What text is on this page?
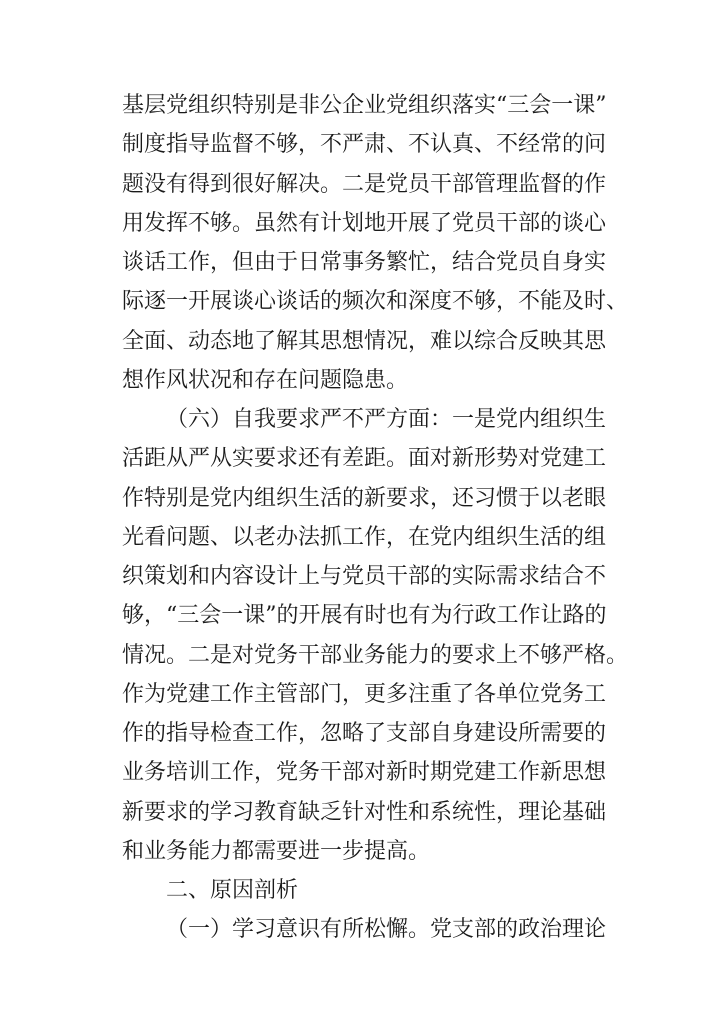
基层党组织特别是非公企业党组织落实“三会一课”
制度指导监督不够，不严肃、不认真、不经常的问
题没有得到很好解决。二是党员干部管理监督的作
用发挥不够。虽然有计划地开展了党员干部的谈心
谈话工作，但由于日常事务繁忙，结合党员自身实
际逐一开展谈心谈话的频次和深度不够，不能及时、
全面、动态地了解其思想情况，难以综合反映其思
想作风状况和存在问题隐患。
（六）自我要求严不严方面：一是党内组织生
活距从严从实要求还有差距。面对新形势对党建工
作特别是党内组织生活的新要求，还习惯于以老眼
光看问题、以老办法抓工作，在党内组织生活的组
织策划和内容设计上与党员干部的实际需求结合不
够，“三会一课”的开展有时也有为行政工作让路的
情况。二是对党务干部业务能力的要求上不够严格。
作为党建工作主管部门，更多注重了各单位党务工
作的指导检查工作，忽略了支部自身建设所需要的
业务培训工作，党务干部对新时期党建工作新思想
新要求的学习教育缺乏针对性和系统性，理论基础
和业务能力都需要进一步提高。
二、原因剖析
（一）学习意识有所松懈。党支部的政治理论
